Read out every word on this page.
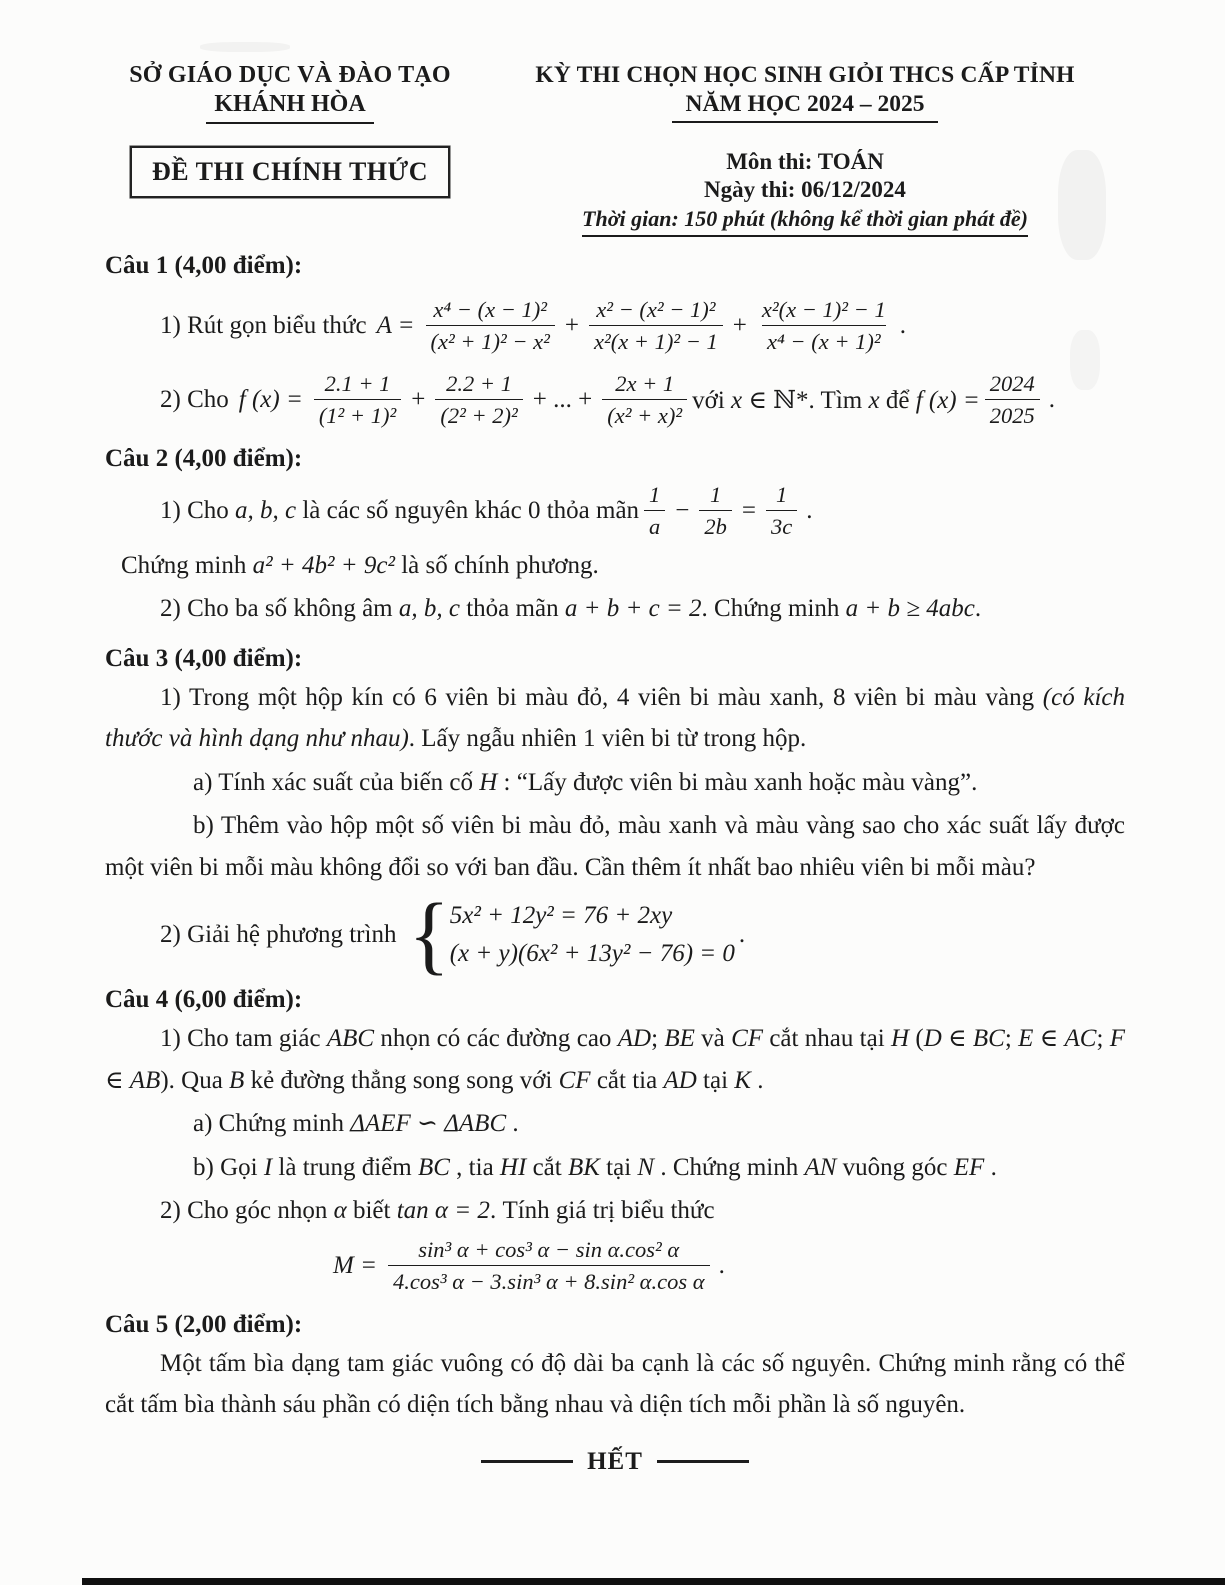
SỞ GIÁO DỤC VÀ ĐÀO TẠO
KHÁNH HÒA
ĐỀ THI CHÍNH THỨC
KỲ THI CHỌN HỌC SINH GIỎI THCS CẤP TỈNH
NĂM HỌC 2024 – 2025
Môn thi: TOÁN
Ngày thi: 06/12/2024
Thời gian: 150 phút (không kể thời gian phát đề)
Câu 1 (4,00 điểm):
1) Rút gọn biểu thức $A = \frac{\text{x⁴ − (x − 1)²}}{\text{(x² + 1)² − x²}} + \frac{\text{x² − (x² − 1)²}}{\text{x²(x + 1)² − 1}} + \frac{\text{x²(x − 1)² − 1}}{\text{x⁴ − (x + 1)²}}$ .
2) Cho f $(x) = \frac{2.1 + 1}{\text{(1² + 1)²}} + \frac{2.2 + 1}{\text{(2² + 2)²}}$ + ... + $\frac{2x + 1}{\text{(x² + x)²}}$ với x ∈ ℕ*. Tìm x để f $(x) = \frac{2024}{2025}$ .
Câu 2 (4,00 điểm):
1) Cho a, b, c là các số nguyên khác 0 thỏa mãn $\frac{1}{a} - \frac{1}{2b} = \frac{1}{3c}$ .

Chứng minh a² + 4b² + 9c² là số chính phương.

2) Cho ba số không âm a, b, c thỏa mãn a + b + c = 2. Chứng minh a + b ≥ 4abc.

Câu 3 (4,00 điểm):

1) Trong một hộp kín có 6 viên bi màu đỏ, 4 viên bi màu xanh, 8 viên bi màu vàng (có kích thước và hình dạng như nhau). Lấy ngẫu nhiên 1 viên bi từ trong hộp.

a) Tính xác suất của biến cố H : “Lấy được viên bi màu xanh hoặc màu vàng”.

b) Thêm vào hộp một số viên bi màu đỏ, màu xanh và màu vàng sao cho xác suất lấy được một viên bi mỗi màu không đổi so với ban đầu. Cần thêm ít nhất bao nhiêu viên bi mỗi màu?

2) Giải hệ phương trình { 5x² + 12y² = 76 + 2xy
(x + y)(6x² + 13y² − 76) = 0
.
Câu 4 (6,00 điểm):

1) Cho tam giác ABC nhọn có các đường cao AD; BE và CF cắt nhau tại H (D ∈ BC; E ∈ AC; F ∈ AB). Qua B kẻ đường thẳng song song với CF cắt tia AD tại K .

a) Chứng minh ΔAEF ∽ ΔABC .

b) Gọi I là trung điểm BC , tia HI cắt BK tại N . Chứng minh AN vuông góc EF .

2) Cho góc nhọn α biết tan α = 2. Tính giá trị biểu thức

$M = \frac{\text{sin³ α + cos³ α − sin α.cos² α}}{\text{4.cos³ α − 3.sin³ α + 8.sin² α.cos α}}$ .
Câu 5 (2,00 điểm):

Một tấm bìa dạng tam giác vuông có độ dài ba cạnh là các số nguyên. Chứng minh rằng có thể cắt tấm bìa thành sáu phần có diện tích bằng nhau và diện tích mỗi phần là số nguyên.

HẾT
